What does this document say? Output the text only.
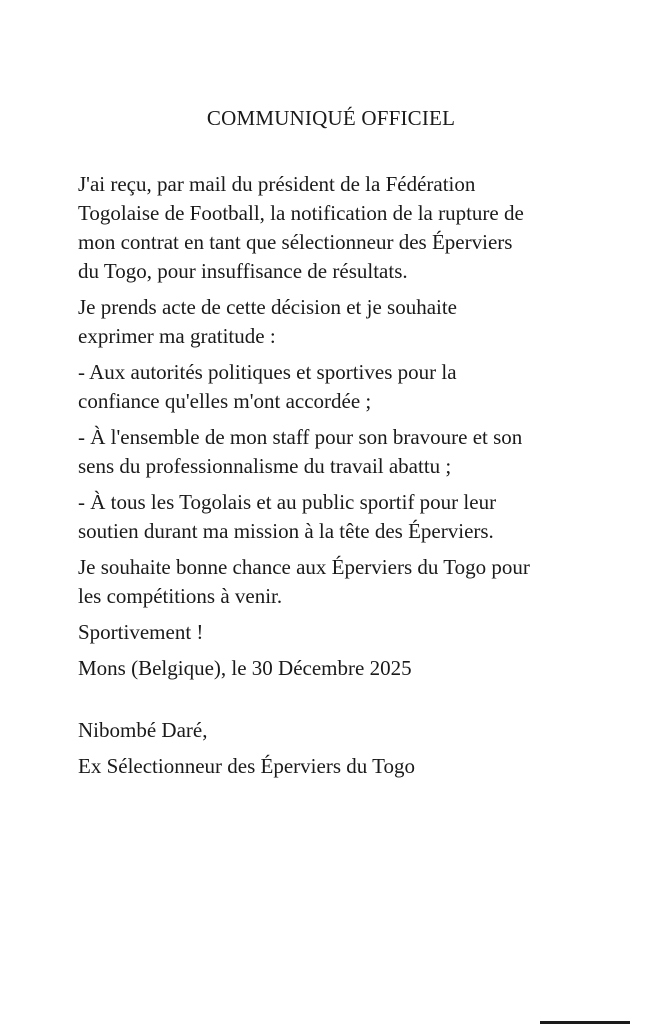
COMMUNIQUÉ OFFICIEL

J'ai reçu, par mail du président de la Fédération
Togolaise de Football, la notification de la rupture de
mon contrat en tant que sélectionneur des Éperviers
du Togo, pour insuffisance de résultats.

Je prends acte de cette décision et je souhaite
exprimer ma gratitude :

- Aux autorités politiques et sportives pour la
confiance qu'elles m'ont accordée ;

- À l'ensemble de mon staff pour son bravoure et son
sens du professionnalisme du travail abattu ;

- À tous les Togolais et au public sportif pour leur
soutien durant ma mission à la tête des Éperviers.

Je souhaite bonne chance aux Éperviers du Togo pour
les compétitions à venir.

Sportivement !

Mons (Belgique), le 30 Décembre 2025

Nibombé Daré,

Ex Sélectionneur des Éperviers du Togo
